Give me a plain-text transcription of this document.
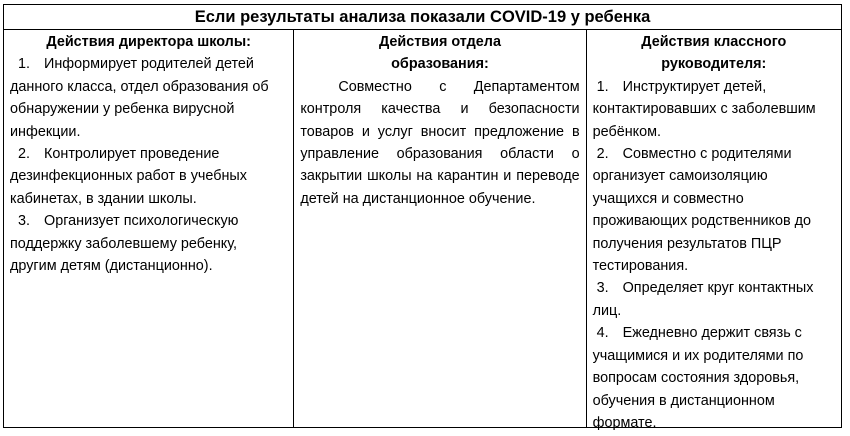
Если результаты анализа показали COVID-19 у ребенка
Действия директора школы:

1. Информирует родителей детей данного класса, отдел образования об обнаружении у ребенка вирусной инфекции.

2. Контролирует проведение дезинфекционных работ в учебных кабинетах, в здании школы.

3. Организует психологическую поддержку заболевшему ребенку, другим детям (дистанционно).

Действия отдела
образования:

Совместно с Департаментом контроля качества и безопасности товаров и услуг вносит предложение в управление образования области о закрытии школы на карантин и переводе детей на дистанционное обучение.

Действия классного
руководителя:

1. Инструктирует детей, контактировавших с заболевшим ребёнком.

2. Совместно с родителями организует самоизоляцию учащихся и совместно проживающих родственников до получения результатов ПЦР тестирования.

3. Определяет круг контактных лиц.

4. Ежедневно держит связь с учащимися и их родителями по вопросам состояния здоровья, обучения в дистанционном формате.
